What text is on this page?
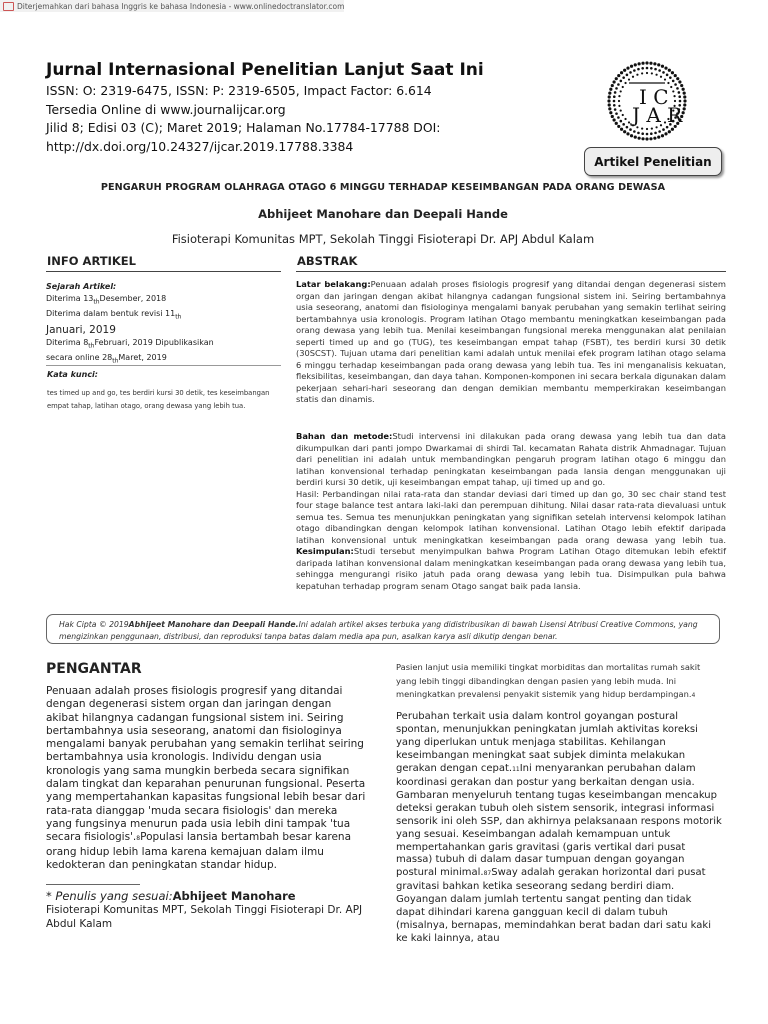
Diterjemahkan dari bahasa Inggris ke bahasa Indonesia - www.onlinedoctranslator.com
Jurnal Internasional Penelitian Lanjut Saat Ini
ISSN: O: 2319-6475, ISSN: P: 2319-6505, Impact Factor: 6.614
Tersedia Online di www.journalijcar.org
Jilid 8; Edisi 03 (C); Maret 2019; Halaman No.17784-17788 DOI:
http://dx.doi.org/10.24327/ijcar.2019.17788.3384
I C
J A R
Artikel Penelitian
PENGARUH PROGRAM OLAHRAGA OTAGO 6 MINGGU TERHADAP KESEIMBANGAN PADA ORANG DEWASA
Abhijeet Manohare dan Deepali Hande
Fisioterapi Komunitas MPT, Sekolah Tinggi Fisioterapi Dr. APJ Abdul Kalam
INFO ARTIKEL	ABSTRAK
Sejarah Artikel:
Diterima $13_{th}Desember$, 2018
Diterima dalam bentuk revisi $11_{th}$
Januari, 2019
Diterima $8_{th}Februari$, 2019 Dipublikasikan
secara online $28_{th}Maret$, 2019
Kata kunci:
tes timed up and go, tes berdiri kursi 30 detik, tes keseimbangan empat tahap, latihan otago, orang dewasa yang lebih tua.
Latar belakang:Penuaan adalah proses fisiologis progresif yang ditandai dengan degenerasi sistem organ dan jaringan dengan akibat hilangnya cadangan fungsional sistem ini. Seiring bertambahnya usia seseorang, anatomi dan fisiologinya mengalami banyak perubahan yang semakin terlihat seiring bertambahnya usia kronologis. Program latihan Otago membantu meningkatkan keseimbangan pada orang dewasa yang lebih tua. Menilai keseimbangan fungsional mereka menggunakan alat penilaian seperti timed up and go (TUG), tes keseimbangan empat tahap (FSBT), tes berdiri kursi 30 detik (30SCST). Tujuan utama dari penelitian kami adalah untuk menilai efek program latihan otago selama 6 minggu terhadap keseimbangan pada orang dewasa yang lebih tua. Tes ini menganalisis kekuatan, fleksibilitas, keseimbangan, dan daya tahan. Komponen-komponen ini secara berkala digunakan dalam pekerjaan sehari-hari seseorang dan dengan demikian membantu memperkirakan keseimbangan statis dan dinamis.
Bahan dan metode:Studi intervensi ini dilakukan pada orang dewasa yang lebih tua dan data dikumpulkan dari panti jompo Dwarkamai di shirdi Tal. kecamatan Rahata distrik Ahmadnagar. Tujuan dari penelitian ini adalah untuk membandingkan pengaruh program latihan otago 6 minggu dan latihan konvensional terhadap peningkatan keseimbangan pada lansia dengan menggunakan uji berdiri kursi 30 detik, uji keseimbangan empat tahap, uji timed up and go.
Hasil: Perbandingan nilai rata-rata dan standar deviasi dari timed up dan go, 30 sec chair stand test four stage balance test antara laki-laki dan perempuan dihitung. Nilai dasar rata-rata dievaluasi untuk semua tes. Semua tes menunjukkan peningkatan yang signifikan setelah intervensi kelompok latihan otago dibandingkan dengan kelompok latihan konvensional. Latihan Otago lebih efektif daripada latihan konvensional untuk meningkatkan keseimbangan pada orang dewasa yang lebih tua. Kesimpulan:Studi tersebut menyimpulkan bahwa Program Latihan Otago ditemukan lebih efektif daripada latihan konvensional dalam meningkatkan keseimbangan pada orang dewasa yang lebih tua, sehingga mengurangi risiko jatuh pada orang dewasa yang lebih tua. Disimpulkan pula bahwa kepatuhan terhadap program senam Otago sangat baik pada lansia.
Hak Cipta © 2019Abhijeet Manohare dan Deepali Hande.Ini adalah artikel akses terbuka yang didistribusikan di bawah Lisensi Atribusi Creative Commons, yang mengizinkan penggunaan, distribusi, dan reproduksi tanpa batas dalam media apa pun, asalkan karya asli dikutip dengan benar.
PENGANTAR
Penuaan adalah proses fisiologis progresif yang ditandai dengan degenerasi sistem organ dan jaringan dengan akibat hilangnya cadangan fungsional sistem ini. Seiring bertambahnya usia seseorang, anatomi dan fisiologinya mengalami banyak perubahan yang semakin terlihat seiring bertambahnya usia kronologis. Individu dengan usia kronologis yang sama mungkin berbeda secara signifikan dalam tingkat dan keparahan penurunan fungsional. Peserta yang mempertahankan kapasitas fungsional lebih besar dari rata-rata dianggap 'muda secara fisiologis' dan mereka yang fungsinya menurun pada usia lebih dini tampak 'tua secara fisiologis'.8Populasi lansia bertambah besar karena orang hidup lebih lama karena kemajuan dalam ilmu kedokteran dan peningkatan standar hidup.
* Penulis yang sesuai:Abhijeet Manohare
Fisioterapi Komunitas MPT, Sekolah Tinggi Fisioterapi Dr. APJ Abdul Kalam
Pasien lanjut usia memiliki tingkat morbiditas dan mortalitas rumah sakit yang lebih tinggi dibandingkan dengan pasien yang lebih muda. Ini meningkatkan prevalensi penyakit sistemik yang hidup berdampingan.4
Perubahan terkait usia dalam kontrol goyangan postural spontan, menunjukkan peningkatan jumlah aktivitas koreksi yang diperlukan untuk menjaga stabilitas. Kehilangan keseimbangan meningkat saat subjek diminta melakukan gerakan dengan cepat.11Ini menyarankan perubahan dalam koordinasi gerakan dan postur yang berkaitan dengan usia. Gambaran menyeluruh tentang tugas keseimbangan mencakup deteksi gerakan tubuh oleh sistem sensorik, integrasi informasi sensorik ini oleh SSP, dan akhirnya pelaksanaan respons motorik yang sesuai. Keseimbangan adalah kemampuan untuk mempertahankan garis gravitasi (garis vertikal dari pusat massa) tubuh di dalam dasar tumpuan dengan goyangan postural minimal.87Sway adalah gerakan horizontal dari pusat gravitasi bahkan ketika seseorang sedang berdiri diam. Goyangan dalam jumlah tertentu sangat penting dan tidak dapat dihindari karena gangguan kecil di dalam tubuh (misalnya, bernapas, memindahkan berat badan dari satu kaki ke kaki lainnya, atau
